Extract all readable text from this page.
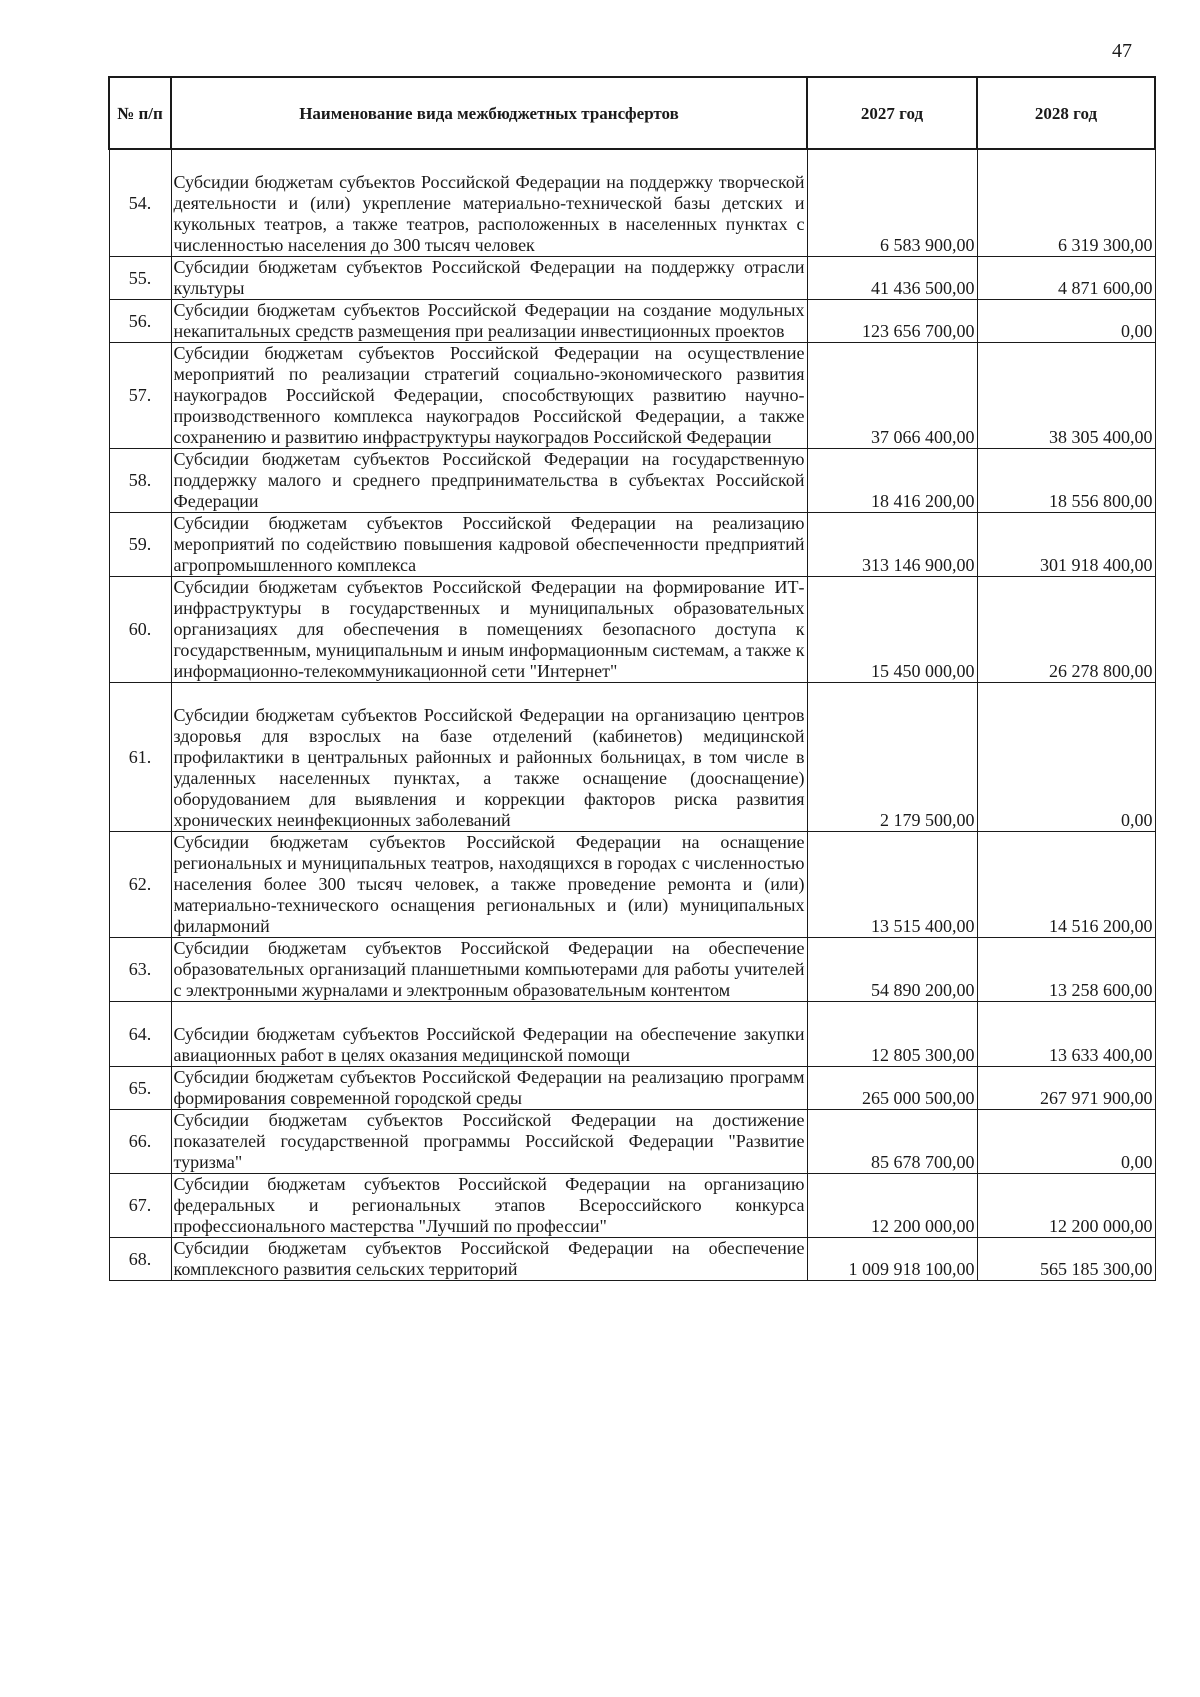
47
№ п/п	Наименование вида межбюджетных трансфертов	2027 год	2028 год
54.	Субсидии бюджетам субъектов Российской Федерации на поддержку творческой деятельности и (или) укрепление материально-технической базы детских и кукольных театров, а также театров, расположенных в населенных пунктах с численностью населения до 300 тысяч человек	6 583 900,00	6 319 300,00
55.	Субсидии бюджетам субъектов Российской Федерации на поддержку отрасли культуры	41 436 500,00	4 871 600,00
56.	Субсидии бюджетам субъектов Российской Федерации на создание модульных некапитальных средств размещения при реализации инвестиционных проектов	123 656 700,00	0,00
57.	Субсидии бюджетам субъектов Российской Федерации на осуществление мероприятий по реализации стратегий социально-экономического развития наукоградов Российской Федерации, способствующих развитию научно-производственного комплекса наукоградов Российской Федерации, а также сохранению и развитию инфраструктуры наукоградов Российской Федерации	37 066 400,00	38 305 400,00
58.	Субсидии бюджетам субъектов Российской Федерации на государственную поддержку малого и среднего предпринимательства в субъектах Российской Федерации	18 416 200,00	18 556 800,00
59.	Субсидии бюджетам субъектов Российской Федерации на реализацию мероприятий по содействию повышения кадровой обеспеченности предприятий агропромышленного комплекса	313 146 900,00	301 918 400,00
60.	Субсидии бюджетам субъектов Российской Федерации на формирование ИТ-инфраструктуры в государственных и муниципальных образовательных организациях для обеспечения в помещениях безопасного доступа к государственным, муниципальным и иным информационным системам, а также к информационно-телекоммуникационной сети "Интернет"	15 450 000,00	26 278 800,00
61.	Субсидии бюджетам субъектов Российской Федерации на организацию центров здоровья для взрослых на базе отделений (кабинетов) медицинской профилактики в центральных районных и районных больницах, в том числе в удаленных населенных пунктах, а также оснащение (дооснащение) оборудованием для выявления и коррекции факторов риска развития хронических неинфекционных заболеваний	2 179 500,00	0,00
62.	Субсидии бюджетам субъектов Российской Федерации на оснащение региональных и муниципальных театров, находящихся в городах с численностью населения более 300 тысяч человек, а также проведение ремонта и (или) материально-технического оснащения региональных и (или) муниципальных филармоний	13 515 400,00	14 516 200,00
63.	Субсидии бюджетам субъектов Российской Федерации на обеспечение образовательных организаций планшетными компьютерами для работы учителей с электронными журналами и электронным образовательным контентом	54 890 200,00	13 258 600,00
64.	Субсидии бюджетам субъектов Российской Федерации на обеспечение закупки авиационных работ в целях оказания медицинской помощи	12 805 300,00	13 633 400,00
65.	Субсидии бюджетам субъектов Российской Федерации на реализацию программ формирования современной городской среды	265 000 500,00	267 971 900,00
66.	Субсидии бюджетам субъектов Российской Федерации на достижение показателей государственной программы Российской Федерации "Развитие туризма"	85 678 700,00	0,00
67.	Субсидии бюджетам субъектов Российской Федерации на организацию федеральных и региональных этапов Всероссийского конкурса профессионального мастерства "Лучший по профессии"	12 200 000,00	12 200 000,00
68.	Субсидии бюджетам субъектов Российской Федерации на обеспечение комплексного развития сельских территорий	1 009 918 100,00	565 185 300,00
